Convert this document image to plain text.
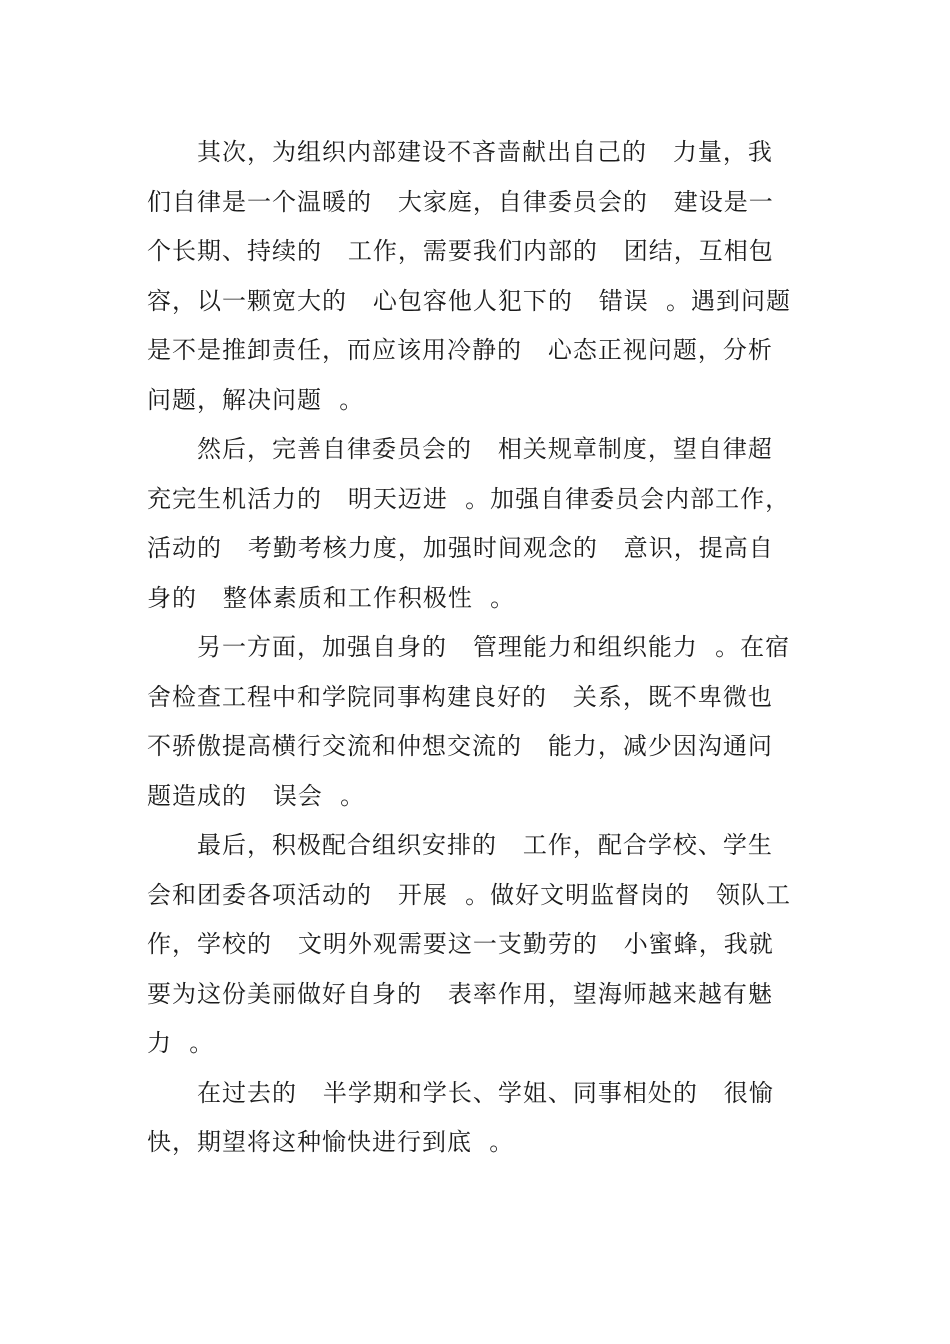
其次，为组织内部建设不吝啬献出自己的   力量，我
们自律是一个温暖的   大家庭，自律委员会的   建设是一
个长期、持续的   工作，需要我们内部的   团结，互相包
容，以一颗宽大的   心包容他人犯下的   错误  。遇到问题
是不是推卸责任，而应该用冷静的   心态正视问题，分析
问题，解决问题  。
然后，完善自律委员会的   相关规章制度，望自律超
充完生机活力的   明天迈进  。加强自律委员会内部工作，
活动的   考勤考核力度，加强时间观念的   意识，提高自
身的   整体素质和工作积极性  。
另一方面，加强自身的   管理能力和组织能力  。在宿
舍检查工程中和学院同事构建良好的   关系，既不卑微也
不骄傲提高横行交流和仲想交流的   能力，减少因沟通问
题造成的   误会  。
最后，积极配合组织安排的   工作，配合学校、学生
会和团委各项活动的   开展  。做好文明监督岗的   领队工
作，学校的   文明外观需要这一支勤劳的   小蜜蜂，我就
要为这份美丽做好自身的   表率作用，望海师越来越有魅
力  。
在过去的   半学期和学长、学姐、同事相处的   很愉
快，期望将这种愉快进行到底  。
